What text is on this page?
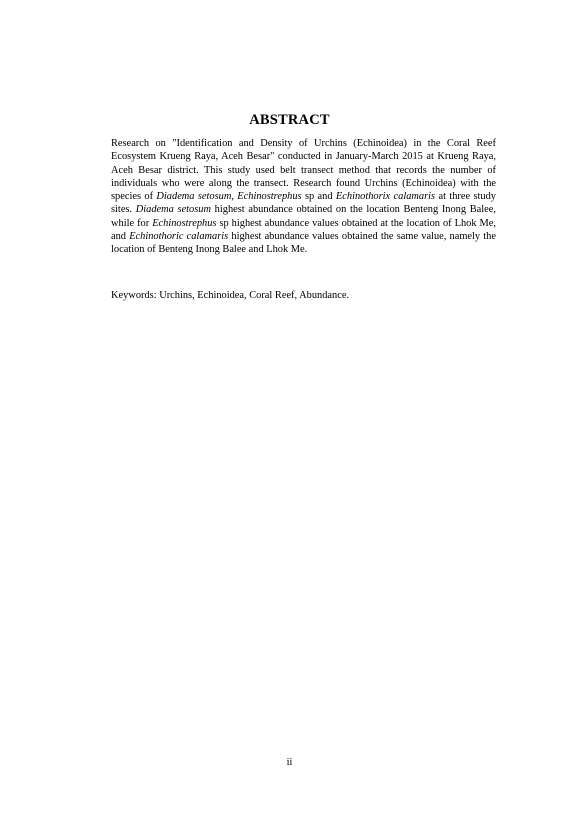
ABSTRACT

Research on "Identification and Density of Urchins (Echinoidea) in the Coral Reef Ecosystem Krueng Raya, Aceh Besar" conducted in January-March 2015 at Krueng Raya, Aceh Besar district. This study used belt transect method that records the number of individuals who were along the transect. Research found Urchins (Echinoidea) with the species of Diadema setosum, Echinostrephus sp and Echinothorix calamaris at three study sites. Diadema setosum highest abundance obtained on the location Benteng Inong Balee, while for Echinostrephus sp highest abundance values obtained at the location of Lhok Me, and Echinothoric calamaris highest abundance values obtained the same value, namely the location of Benteng Inong Balee and Lhok Me.

Keywords: Urchins, Echinoidea, Coral Reef, Abundance.

ii
